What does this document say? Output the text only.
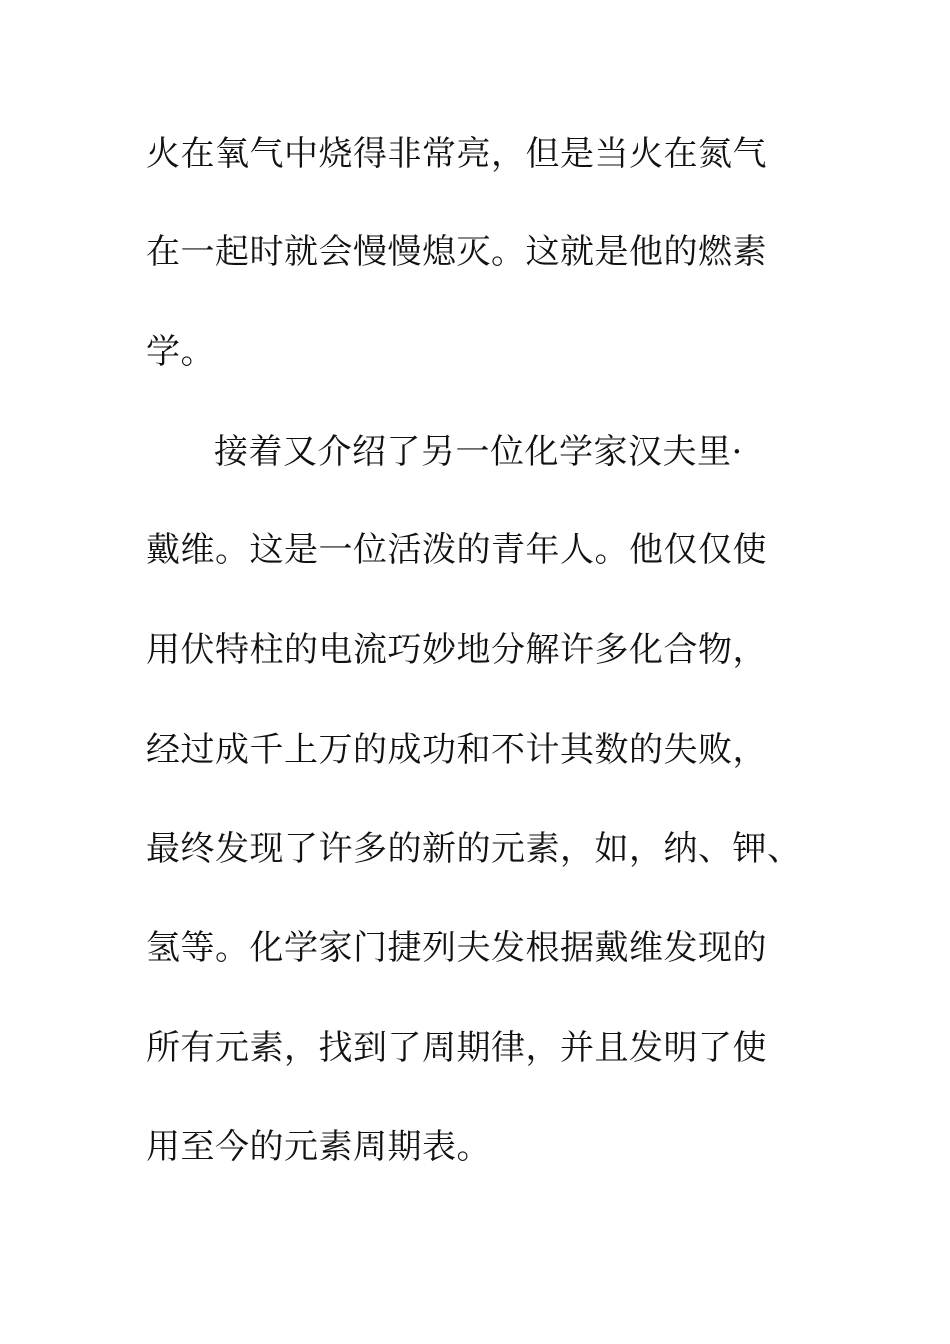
火在氧气中烧得非常亮，但是当火在氮气
在一起时就会慢慢熄灭。这就是他的燃素
学。
接着又介绍了另一位化学家汉夫里·
戴维。这是一位活泼的青年人。他仅仅使
用伏特柱的电流巧妙地分解许多化合物，
经过成千上万的成功和不计其数的失败，
最终发现了许多的新的元素，如，纳、钾、
氢等。化学家门捷列夫发根据戴维发现的
所有元素，找到了周期律，并且发明了使
用至今的元素周期表。
